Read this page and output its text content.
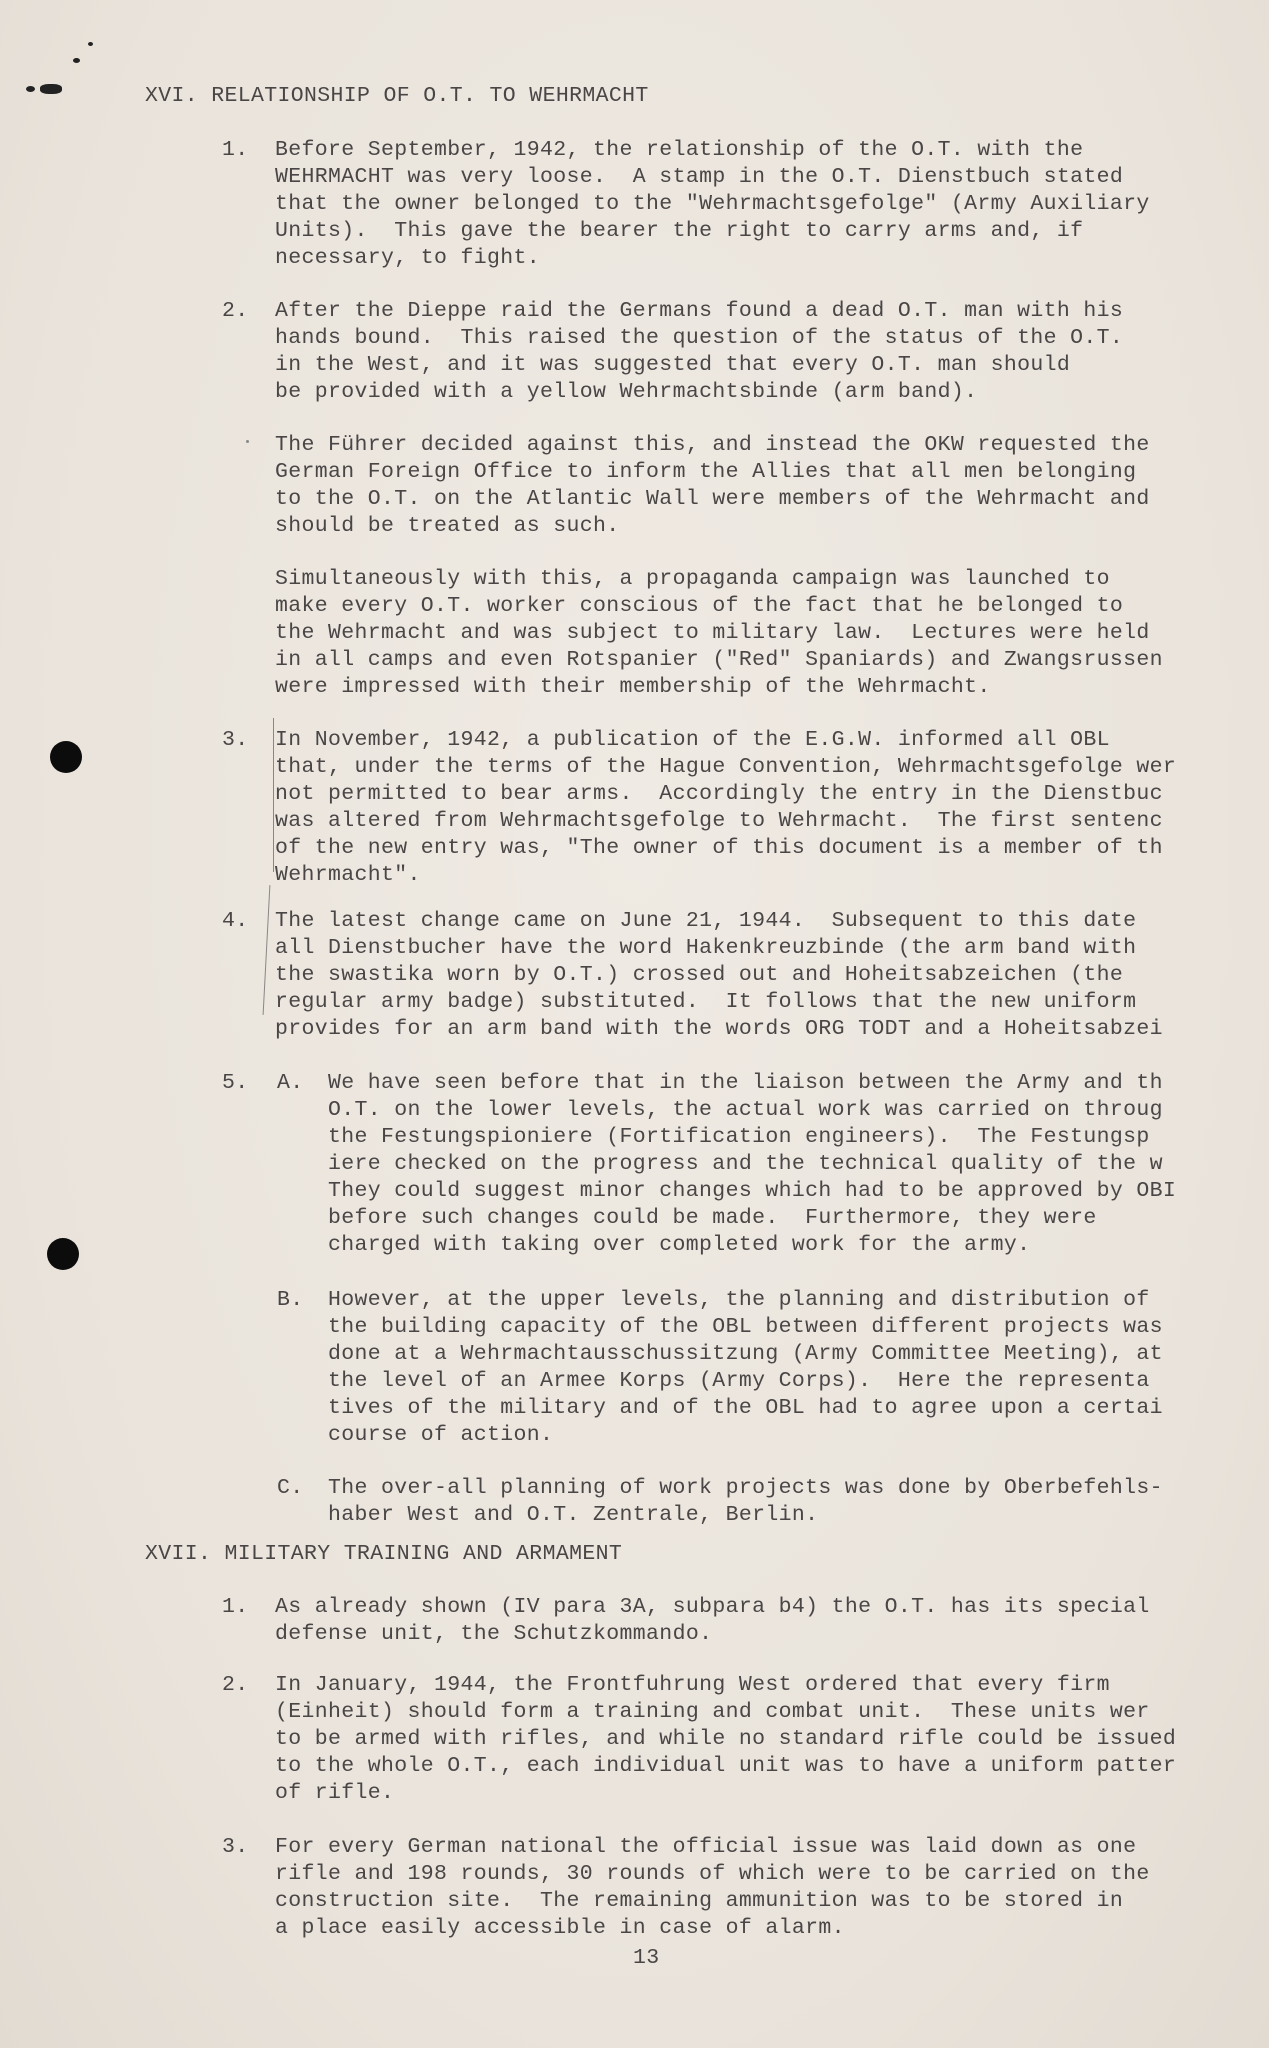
XVI. RELATIONSHIP OF O.T. TO WEHRMACHT
1. Before September, 1942, the relationship of the O.T. with the
WEHRMACHT was very loose.  A stamp in the O.T. Dienstbuch stated
that the owner belonged to the "Wehrmachtsgefolge" (Army Auxiliary
Units).  This gave the bearer the right to carry arms and, if
necessary, to fight.
2. After the Dieppe raid the Germans found a dead O.T. man with his
hands bound.  This raised the question of the status of the O.T.
in the West, and it was suggested that every O.T. man should
be provided with a yellow Wehrmachtsbinde (arm band).
The Führer decided against this, and instead the OKW requested the
German Foreign Office to inform the Allies that all men belonging
to the O.T. on the Atlantic Wall were members of the Wehrmacht and
should be treated as such.
Simultaneously with this, a propaganda campaign was launched to
make every O.T. worker conscious of the fact that he belonged to
the Wehrmacht and was subject to military law.  Lectures were held
in all camps and even Rotspanier ("Red" Spaniards) and Zwangsrussen
were impressed with their membership of the Wehrmacht.
3. In November, 1942, a publication of the E.G.W. informed all OBL
that, under the terms of the Hague Convention, Wehrmachtsgefolge wer
not permitted to bear arms.  Accordingly the entry in the Dienstbuc
was altered from Wehrmachtsgefolge to Wehrmacht.  The first sentenc
of the new entry was, "The owner of this document is a member of th
Wehrmacht".
4. The latest change came on June 21, 1944.  Subsequent to this date
all Dienstbucher have the word Hakenkreuzbinde (the arm band with
the swastika worn by O.T.) crossed out and Hoheitsabzeichen (the
regular army badge) substituted.  It follows that the new uniform
provides for an arm band with the words ORG TODT and a Hoheitsabzei
5. A. We have seen before that in the liaison between the Army and th
O.T. on the lower levels, the actual work was carried on throug
the Festungspioniere (Fortification engineers).  The Festungsp
iere checked on the progress and the technical quality of the w
They could suggest minor changes which had to be approved by OBI
before such changes could be made.  Furthermore, they were
charged with taking over completed work for the army.
B. However, at the upper levels, the planning and distribution of
the building capacity of the OBL between different projects was
done at a Wehrmachtausschussitzung (Army Committee Meeting), at
the level of an Armee Korps (Army Corps).  Here the representa
tives of the military and of the OBL had to agree upon a certai
course of action.
C. The over-all planning of work projects was done by Oberbefehls-
haber West and O.T. Zentrale, Berlin.
XVII. MILITARY TRAINING AND ARMAMENT
1. As already shown (IV para 3A, subpara b4) the O.T. has its special
defense unit, the Schutzkommando.
2. In January, 1944, the Frontfuhrung West ordered that every firm
(Einheit) should form a training and combat unit.  These units wer
to be armed with rifles, and while no standard rifle could be issued
to the whole O.T., each individual unit was to have a uniform patter
of rifle.
3. For every German national the official issue was laid down as one
rifle and 198 rounds, 30 rounds of which were to be carried on the
construction site.  The remaining ammunition was to be stored in
a place easily accessible in case of alarm.
13
